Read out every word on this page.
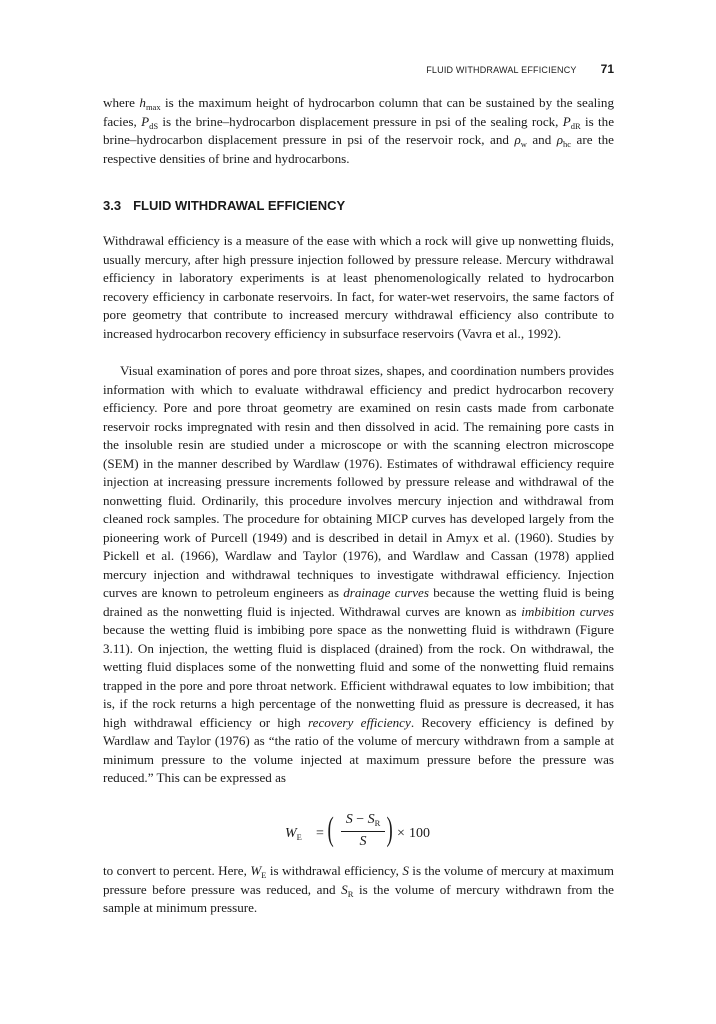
FLUID WITHDRAWAL EFFICIENCY 71

where $h_{max}$ is the maximum height of hydrocarbon column that can be sustained by the sealing facies, $P_{dS}$ is the brine–hydrocarbon displacement pressure in psi of the sealing rock, $P_{dR}$ is the brine–hydrocarbon displacement pressure in psi of the reservoir rock, and $\rho_w$ and $\rho_{hc}$ are the respective densities of brine and hydrocarbons.

3.3 FLUID WITHDRAWAL EFFICIENCY

Withdrawal efficiency is a measure of the ease with which a rock will give up nonwetting fluids, usually mercury, after high pressure injection followed by pressure release. Mercury withdrawal efficiency in laboratory experiments is at least phenomenologically related to hydrocarbon recovery efficiency in carbonate reservoirs. In fact, for water-wet reservoirs, the same factors of pore geometry that contribute to increased mercury withdrawal efficiency also contribute to increased hydrocarbon recovery efficiency in subsurface reservoirs (Vavra et al., 1992).

Visual examination of pores and pore throat sizes, shapes, and coordination numbers provides information with which to evaluate withdrawal efficiency and predict hydrocarbon recovery efficiency. Pore and pore throat geometry are examined on resin casts made from carbonate reservoir rocks impregnated with resin and then dissolved in acid. The remaining pore casts in the insoluble resin are studied under a microscope or with the scanning electron microscope (SEM) in the manner described by Wardlaw (1976). Estimates of withdrawal efficiency require injection at increasing pressure increments followed by pressure release and withdrawal of the nonwetting fluid. Ordinarily, this procedure involves mercury injection and withdrawal from cleaned rock samples. The procedure for obtaining MICP curves has developed largely from the pioneering work of Purcell (1949) and is described in detail in Amyx et al. (1960). Studies by Pickell et al. (1966), Wardlaw and Taylor (1976), and Wardlaw and Cassan (1978) applied mercury injection and withdrawal techniques to investigate withdrawal efficiency. Injection curves are known to petroleum engineers as drainage curves because the wetting fluid is being drained as the nonwetting fluid is injected. Withdrawal curves are known as imbibition curves because the wetting fluid is imbibing pore space as the nonwetting fluid is withdrawn (Figure 3.11). On injection, the wetting fluid is displaced (drained) from the rock. On withdrawal, the wetting fluid displaces some of the nonwetting fluid and some of the nonwetting fluid remains trapped in the pore and pore throat network. Efficient withdrawal equates to low imbibition; that is, if the rock returns a high percentage of the nonwetting fluid as pressure is decreased, it has high withdrawal efficiency or high recovery efficiency. Recovery efficiency is defined by Wardlaw and Taylor (1976) as “the ratio of the volume of mercury withdrawn from a sample at minimum pressure to the volume injected at maximum pressure before the pressure was reduced.” This can be expressed as

$W_E$ = ( $S - S_R$
S ) × 100

to convert to percent. Here, $W_E$ is withdrawal efficiency, S is the volume of mercury at maximum pressure before pressure was reduced, and $S_R$ is the volume of mercury withdrawn from the sample at minimum pressure.
